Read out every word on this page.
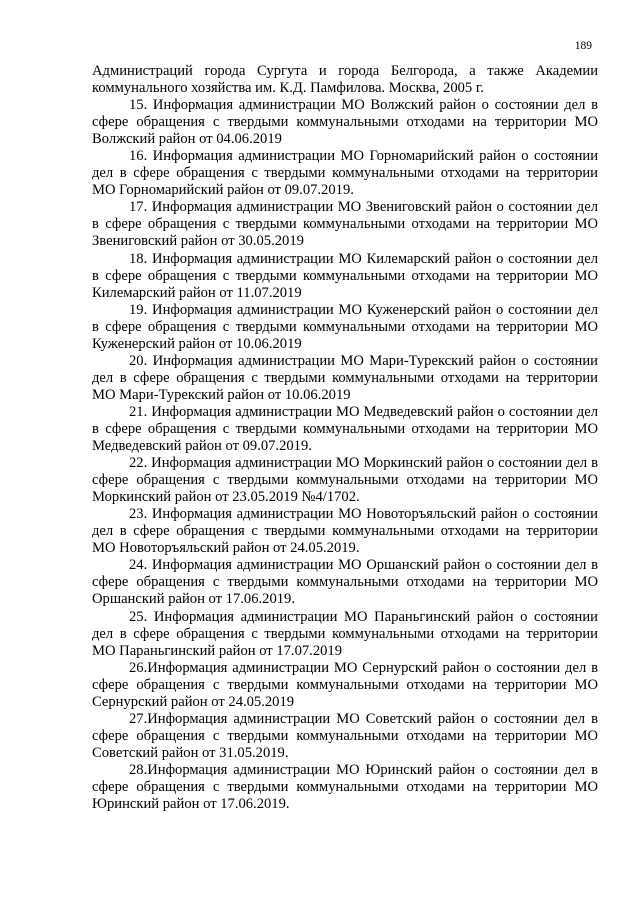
189

Администраций города Сургута и города Белгорода, а также Академии коммунального хозяйства им. К.Д. Памфилова. Москва, 2005 г.

15. Информация администрации МО Волжский район о состоянии дел в сфере обращения с твердыми коммунальными отходами на территории МО Волжский район от 04.06.2019

16. Информация администрации МО Горномарийский район о состоянии дел в сфере обращения с твердыми коммунальными отходами на территории МО Горномарийский район от 09.07.2019.

17. Информация администрации МО Звениговский район о состоянии дел в сфере обращения с твердыми коммунальными отходами на территории МО Звениговский район от 30.05.2019

18. Информация администрации МО Килемарский район о состоянии дел в сфере обращения с твердыми коммунальными отходами на территории МО Килемарский район от 11.07.2019

19. Информация администрации МО Куженерский район о состоянии дел в сфере обращения с твердыми коммунальными отходами на территории МО Куженерский район от 10.06.2019

20. Информация администрации МО Мари-Турекский район о состоянии дел в сфере обращения с твердыми коммунальными отходами на территории МО Мари-Турекский район от 10.06.2019

21. Информация администрации МО Медведевский район о состоянии дел в сфере обращения с твердыми коммунальными отходами на территории МО Медведевский район от 09.07.2019.

22. Информация администрации МО Моркинский район о состоянии дел в сфере обращения с твердыми коммунальными отходами на территории МО Моркинский район от 23.05.2019 №4/1702.

23. Информация администрации МО Новоторъяльский район о состоянии дел в сфере обращения с твердыми коммунальными отходами на территории МО Новоторъяльский район от 24.05.2019.

24. Информация администрации МО Оршанский район о состоянии дел в сфере обращения с твердыми коммунальными отходами на территории МО Оршанский район от 17.06.2019.

25. Информация администрации МО Параньгинский район о состоянии дел в сфере обращения с твердыми коммунальными отходами на территории МО Параньгинский район от 17.07.2019

26.Информация администрации МО Сернурский район о состоянии дел в сфере обращения с твердыми коммунальными отходами на территории МО Сернурский район от 24.05.2019

27.Информация администрации МО Советский район о состоянии дел в сфере обращения с твердыми коммунальными отходами на территории МО Советский район от 31.05.2019.

28.Информация администрации МО Юринский район о состоянии дел в сфере обращения с твердыми коммунальными отходами на территории МО Юринский район от 17.06.2019.
